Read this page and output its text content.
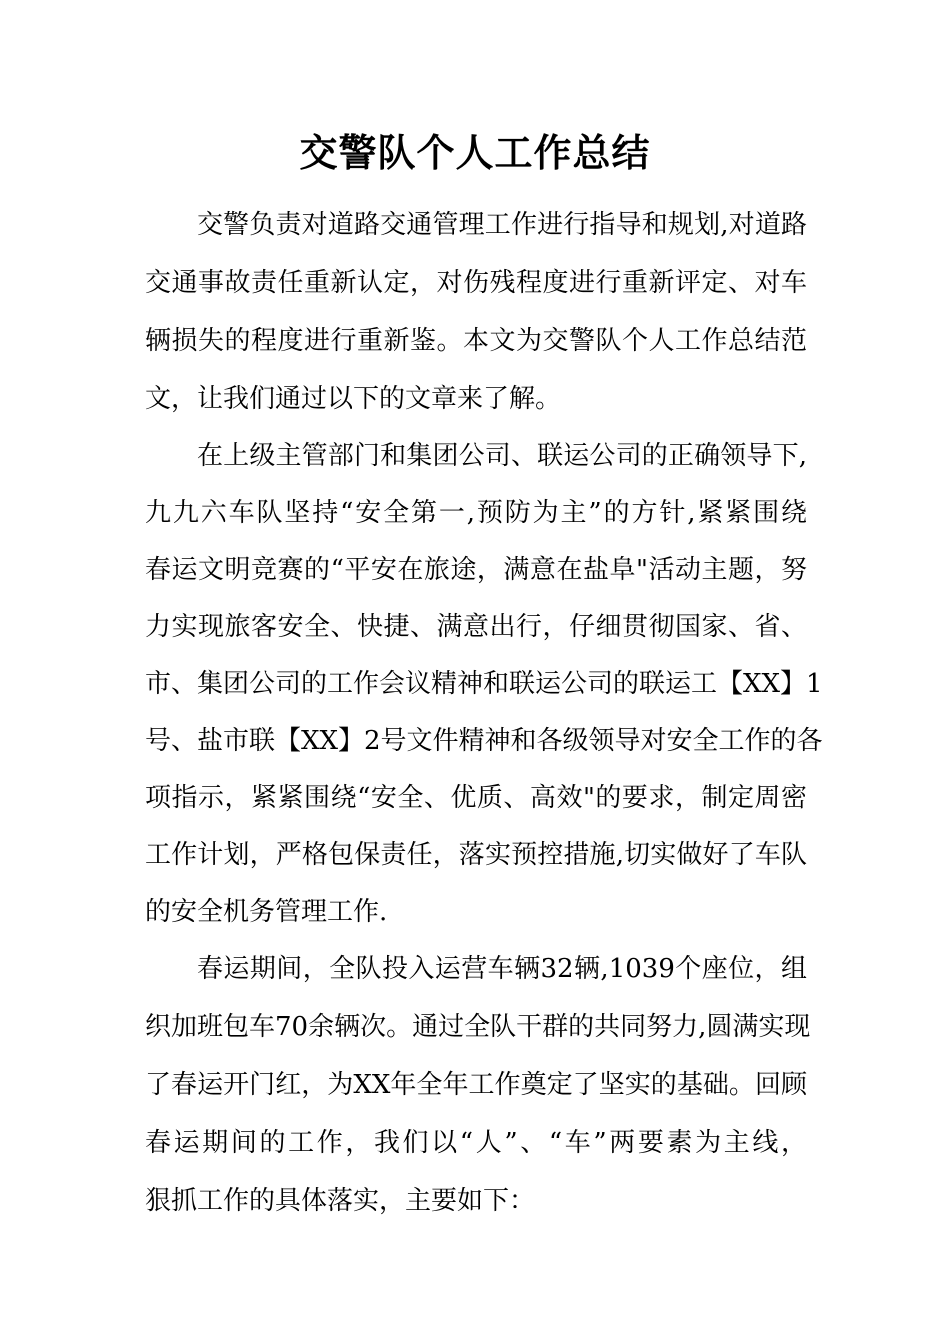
交警队个人工作总结
交警负责对道路交通管理工作进行指导和规划,对道路
交通事故责任重新认定，对伤残程度进行重新评定、对车
辆损失的程度进行重新鉴。本文为交警队个人工作总结范
文，让我们通过以下的文章来了解。
在上级主管部门和集团公司、联运公司的正确领导下,
九九六车队坚持“安全第一,预防为主”的方针,紧紧围绕
春运文明竞赛的“平安在旅途，满意在盐阜"活动主题，努
力实现旅客安全、快捷、满意出行，仔细贯彻国家、省、
市、集团公司的工作会议精神和联运公司的联运工【XX】1
号、盐市联【XX】2号文件精神和各级领导对安全工作的各
项指示，紧紧围绕“安全、优质、高效"的要求，制定周密
工作计划，严格包保责任，落实预控措施,切实做好了车队
的安全机务管理工作.
春运期间，全队投入运营车辆32辆,1039个座位，组
织加班包车70余辆次。通过全队干群的共同努力,圆满实现
了春运开门红，为XX年全年工作奠定了坚实的基础。回顾
春运期间的工作，我们以“人”、“车”两要素为主线，
狠抓工作的具体落实，主要如下：
